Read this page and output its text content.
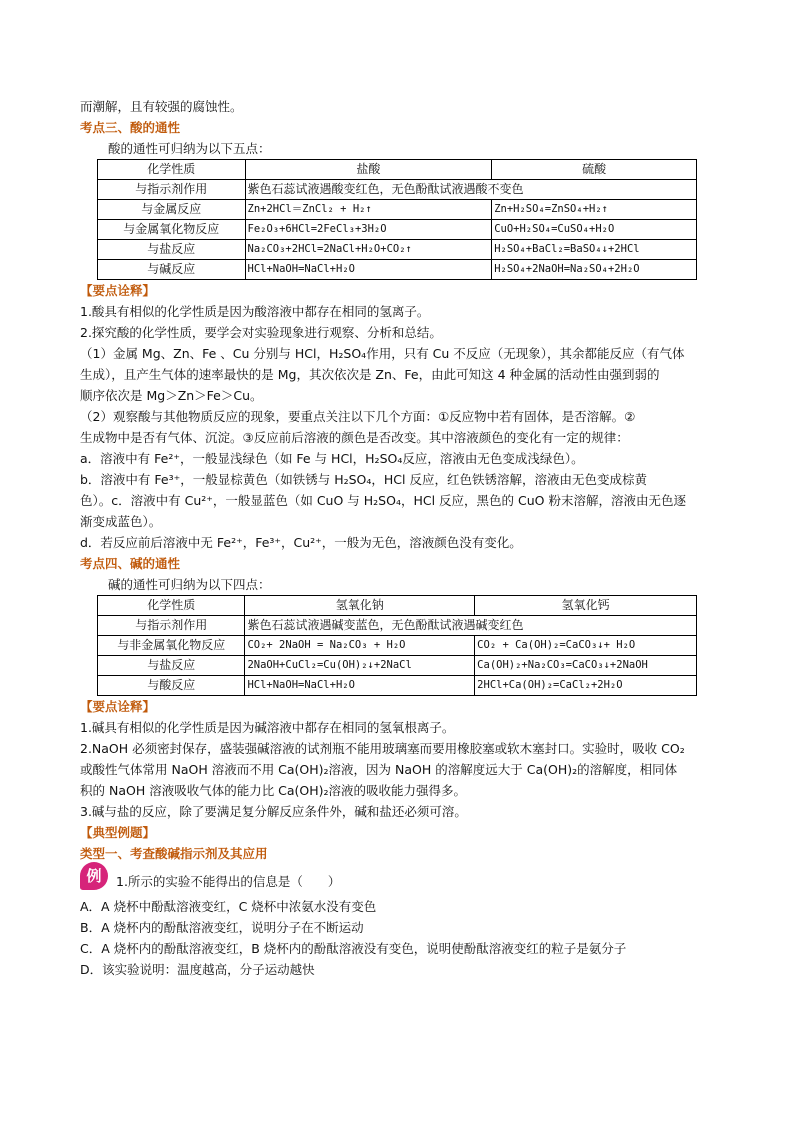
而潮解，且有较强的腐蚀性。
考点三、酸的通性
酸的通性可归纳为以下五点：
化学性质	盐酸	硫酸
与指示剂作用	紫色石蕊试液遇酸变红色，无色酚酞试液遇酸不变色	
与金属反应	Zn+2HCl＝ZnCl₂ + H₂↑	Zn+H₂SO₄=ZnSO₄+H₂↑
与金属氧化物反应	Fe₂O₃+6HCl=2FeCl₃+3H₂O	CuO+H₂SO₄=CuSO₄+H₂O
与盐反应	Na₂CO₃+2HCl=2NaCl+H₂O+CO₂↑	H₂SO₄+BaCl₂=BaSO₄↓+2HCl
与碱反应	HCl+NaOH=NaCl+H₂O	H₂SO₄+2NaOH=Na₂SO₄+2H₂O
【要点诠释】
1.酸具有相似的化学性质是因为酸溶液中都存在相同的氢离子。
2.探究酸的化学性质，要学会对实验现象进行观察、分析和总结。
（1）金属 Mg、Zn、Fe 、Cu 分别与 HCl，H₂SO₄作用，只有 Cu 不反应（无现象），其余都能反应（有气体
生成），且产生气体的速率最快的是 Mg，其次依次是 Zn、Fe，由此可知这 4 种金属的活动性由强到弱的
顺序依次是 Mg＞Zn＞Fe＞Cu。
（2）观察酸与其他物质反应的现象，要重点关注以下几个方面：①反应物中若有固体，是否溶解。②
生成物中是否有气体、沉淀。③反应前后溶液的颜色是否改变。其中溶液颜色的变化有一定的规律：
a．溶液中有 Fe²⁺，一般显浅绿色（如 Fe 与 HCl，H₂SO₄反应，溶液由无色变成浅绿色）。
b．溶液中有 Fe³⁺，一般显棕黄色（如铁锈与 H₂SO₄，HCl 反应，红色铁锈溶解，溶液由无色变成棕黄
色）。c．溶液中有 Cu²⁺，一般显蓝色（如 CuO 与 H₂SO₄，HCl 反应，黑色的 CuO 粉末溶解，溶液由无色逐
渐变成蓝色）。
d．若反应前后溶液中无 Fe²⁺，Fe³⁺，Cu²⁺，一般为无色，溶液颜色没有变化。
考点四、碱的通性
碱的通性可归纳为以下四点：
化学性质	氢氧化钠	氢氧化钙
与指示剂作用	紫色石蕊试液遇碱变蓝色，无色酚酞试液遇碱变红色	
与非金属氧化物反应	CO₂+ 2NaOH = Na₂CO₃ + H₂O	CO₂ + Ca(OH)₂=CaCO₃↓+ H₂O
与盐反应	2NaOH+CuCl₂=Cu(OH)₂↓+2NaCl	Ca(OH)₂+Na₂CO₃=CaCO₃↓+2NaOH
与酸反应	HCl+NaOH=NaCl+H₂O	2HCl+Ca(OH)₂=CaCl₂+2H₂O
【要点诠释】
1.碱具有相似的化学性质是因为碱溶液中都存在相同的氢氧根离子。
2.NaOH 必须密封保存，盛装强碱溶液的试剂瓶不能用玻璃塞而要用橡胶塞或软木塞封口。实验时，吸收 CO₂
或酸性气体常用 NaOH 溶液而不用 Ca(OH)₂溶液，因为 NaOH 的溶解度远大于 Ca(OH)₂的溶解度，相同体
积的 NaOH 溶液吸收气体的能力比 Ca(OH)₂溶液的吸收能力强得多。
3.碱与盐的反应，除了要满足复分解反应条件外，碱和盐还必须可溶。
【典型例题】
类型一、考查酸碱指示剂及其应用
例	1.所示的实验不能得出的信息是（　　）
A．A 烧杯中酚酞溶液变红，C 烧杯中浓氨水没有变色
B．A 烧杯内的酚酞溶液变红，说明分子在不断运动
C．A 烧杯内的酚酞溶液变红，B 烧杯内的酚酞溶液没有变色，说明使酚酞溶液变红的粒子是氨分子
D．该实验说明：温度越高，分子运动越快
